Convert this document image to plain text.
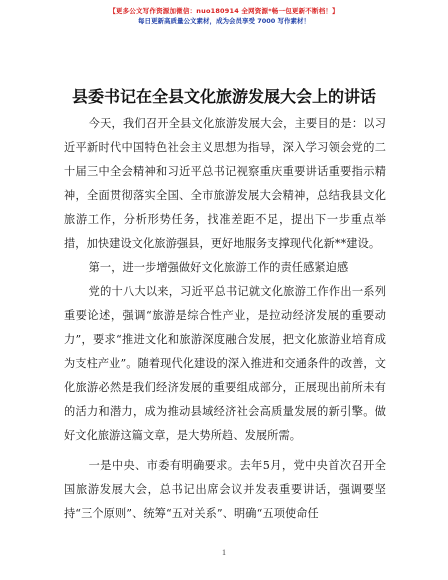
【更多公文写作资源加微信：nuo180914 全网资源*畅一包更新不断档！】
每日更新高质量公文素材，成为会员享受 7000 写作素材！
县委书记在全县文化旅游发展大会上的讲话

今天，我们召开全县文化旅游发展大会，主要目的是：以习近平新时代中国特色社会主义思想为指导，深入学习领会党的二十届三中全会精神和习近平总书记视察重庆重要讲话重要指示精神，全面贯彻落实全国、全市旅游发展大会精神，总结我县文化旅游工作，分析形势任务，找准差距不足，提出下一步重点举措，加快建设文化旅游强县，更好地服务支撑现代化新**建设。

第一，进一步增强做好文化旅游工作的责任感紧迫感

党的十八大以来，习近平总书记就文化旅游工作作出一系列重要论述，强调“旅游是综合性产业，是拉动经济发展的重要动力”，要求“推进文化和旅游深度融合发展，把文化旅游业培育成为支柱产业”。随着现代化建设的深入推进和交通条件的改善，文化旅游必然是我们经济发展的重要组成部分，正展现出前所未有的活力和潜力，成为推动县域经济社会高质量发展的新引擎。做好文化旅游这篇文章，是大势所趋、发展所需。

一是中央、市委有明确要求。去年5月，党中央首次召开全国旅游发展大会，总书记出席会议并发表重要讲话，强调要坚持“三个原则”、统筹“五对关系”、明确“五项使命任

1
